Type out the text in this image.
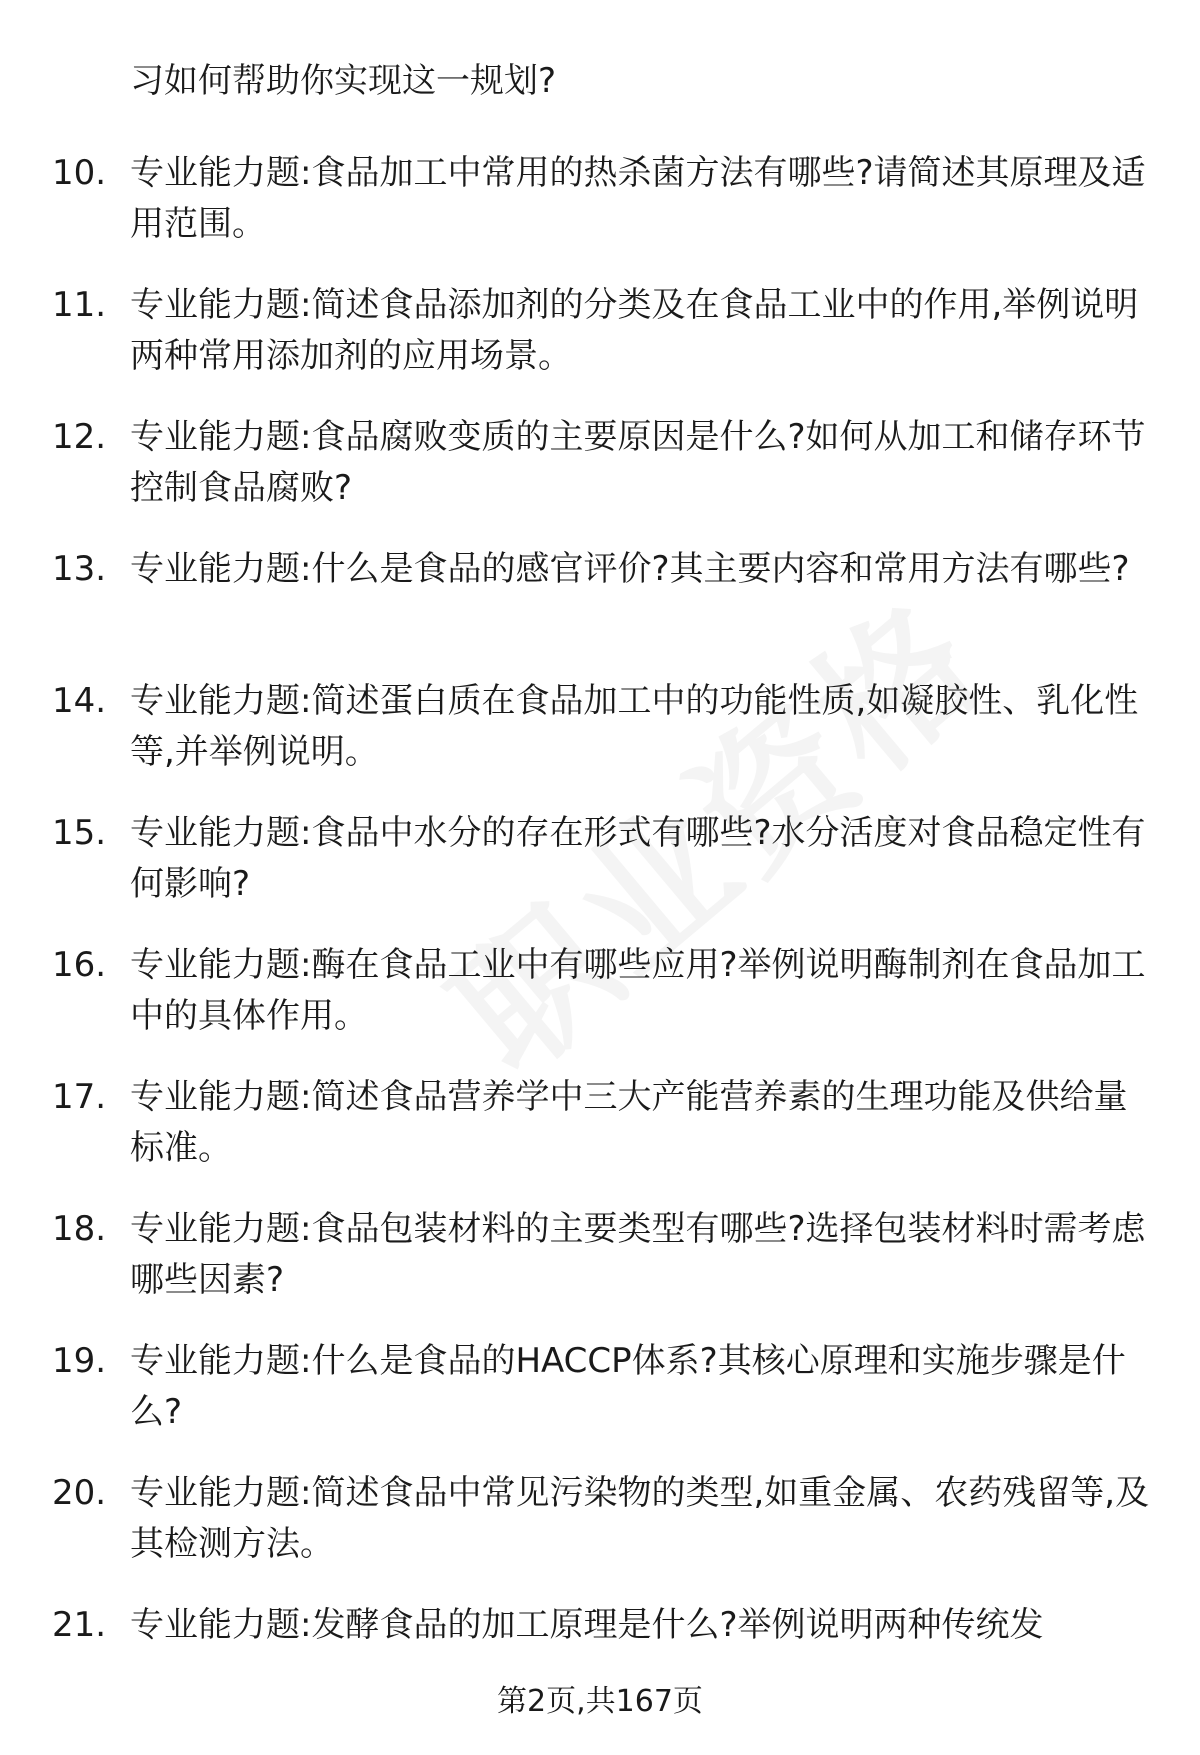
习如何帮助你实现这一规划?

10. 专业能力题:食品加工中常用的热杀菌方法有哪些?请简述其原理及适用范围。
11. 专业能力题:简述食品添加剂的分类及在食品工业中的作用,举例说明两种常用添加剂的应用场景。
12. 专业能力题:食品腐败变质的主要原因是什么?如何从加工和储存环节控制食品腐败?
13. 专业能力题:什么是食品的感官评价?其主要内容和常用方法有哪些?
14. 专业能力题:简述蛋白质在食品加工中的功能性质,如凝胶性、乳化性等,并举例说明。
15. 专业能力题:食品中水分的存在形式有哪些?水分活度对食品稳定性有何影响?
16. 专业能力题:酶在食品工业中有哪些应用?举例说明酶制剂在食品加工中的具体作用。
17. 专业能力题:简述食品营养学中三大产能营养素的生理功能及供给量标准。
18. 专业能力题:食品包装材料的主要类型有哪些?选择包装材料时需考虑哪些因素?
19. 专业能力题:什么是食品的HACCP体系?其核心原理和实施步骤是什么?
20. 专业能力题:简述食品中常见污染物的类型,如重金属、农药残留等,及其检测方法。
21. 专业能力题:发酵食品的加工原理是什么?举例说明两种传统发
第2页,共167页
